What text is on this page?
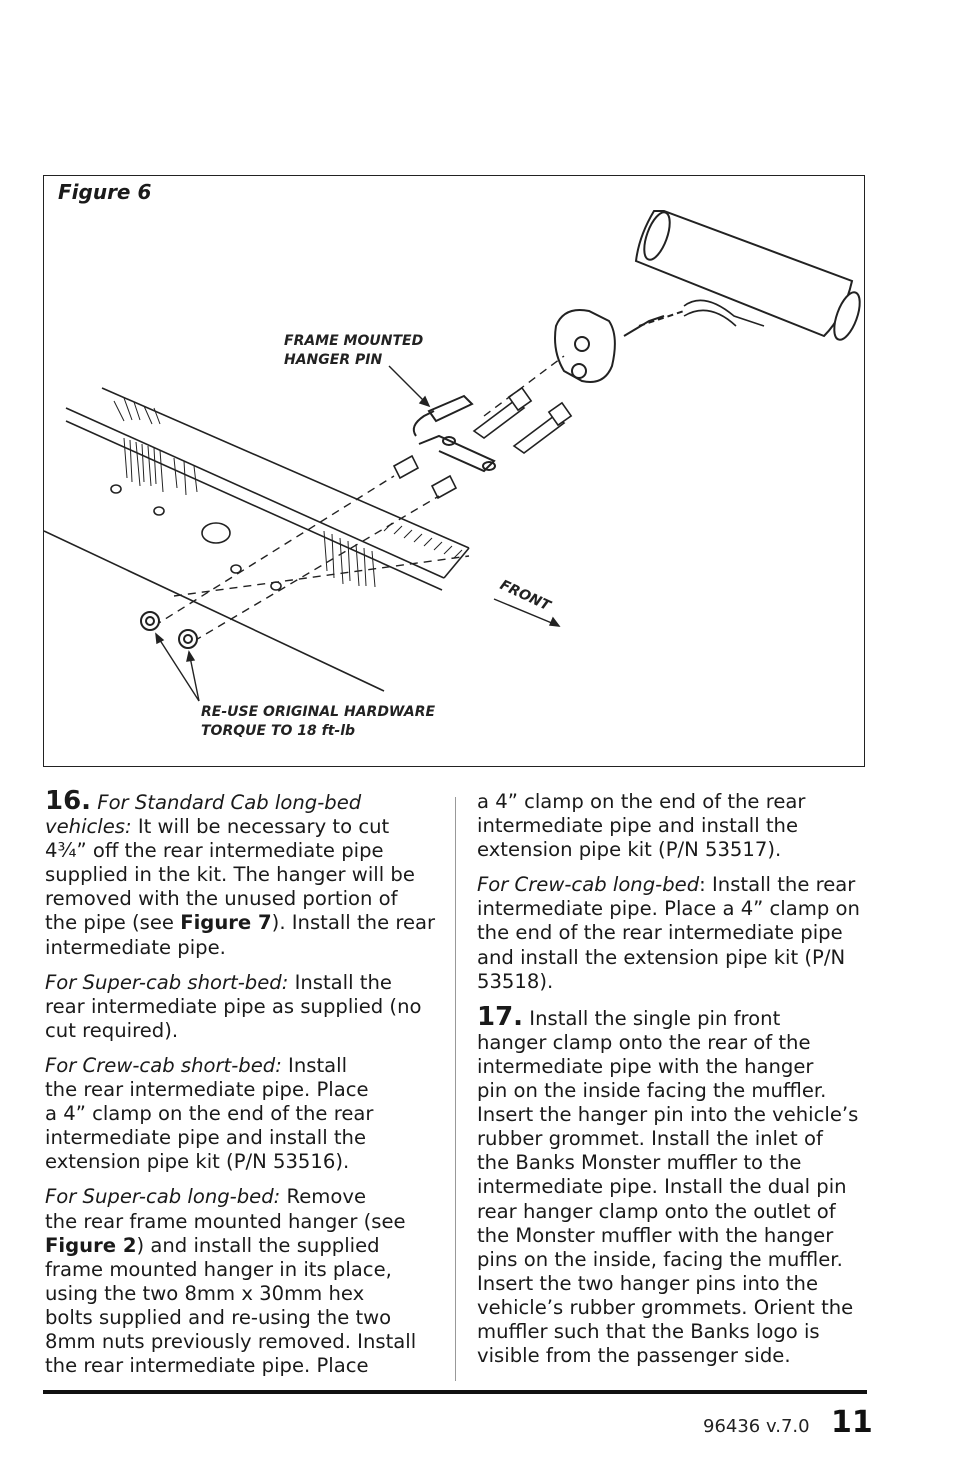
Figure 6
FRAME MOUNTED
HANGER PIN
FRONT
RE-USE ORIGINAL HARDWARE
TORQUE TO 18 ft-lb
16. For Standard Cab long-bed
vehicles: It will be necessary to cut
4¾” off the rear intermediate pipe
supplied in the kit. The hanger will be
removed with the unused portion of
the pipe (see Figure 7). Install the rear
intermediate pipe.
For Super-cab short-bed: Install the
rear intermediate pipe as supplied (no
cut required).
For Crew-cab short-bed: Install
the rear intermediate pipe. Place
a 4” clamp on the end of the rear
intermediate pipe and install the
extension pipe kit (P/N 53516).
For Super-cab long-bed: Remove
the rear frame mounted hanger (see
Figure 2) and install the supplied
frame mounted hanger in its place,
using the two 8mm x 30mm hex
bolts supplied and re-using the two
8mm nuts previously removed. Install
the rear intermediate pipe. Place
a 4” clamp on the end of the rear
intermediate pipe and install the
extension pipe kit (P/N 53517).
For Crew-cab long-bed: Install the rear
intermediate pipe. Place a 4” clamp on
the end of the rear intermediate pipe
and install the extension pipe kit (P/N
53518).
17. Install the single pin front
hanger clamp onto the rear of the
intermediate pipe with the hanger
pin on the inside facing the muffler.
Insert the hanger pin into the vehicle’s
rubber grommet. Install the inlet of
the Banks Monster muffler to the
intermediate pipe. Install the dual pin
rear hanger clamp onto the outlet of
the Monster muffler with the hanger
pins on the inside, facing the muffler.
Insert the two hanger pins into the
vehicle’s rubber grommets. Orient the
muffler such that the Banks logo is
visible from the passenger side.
96436 v.7.0 11
